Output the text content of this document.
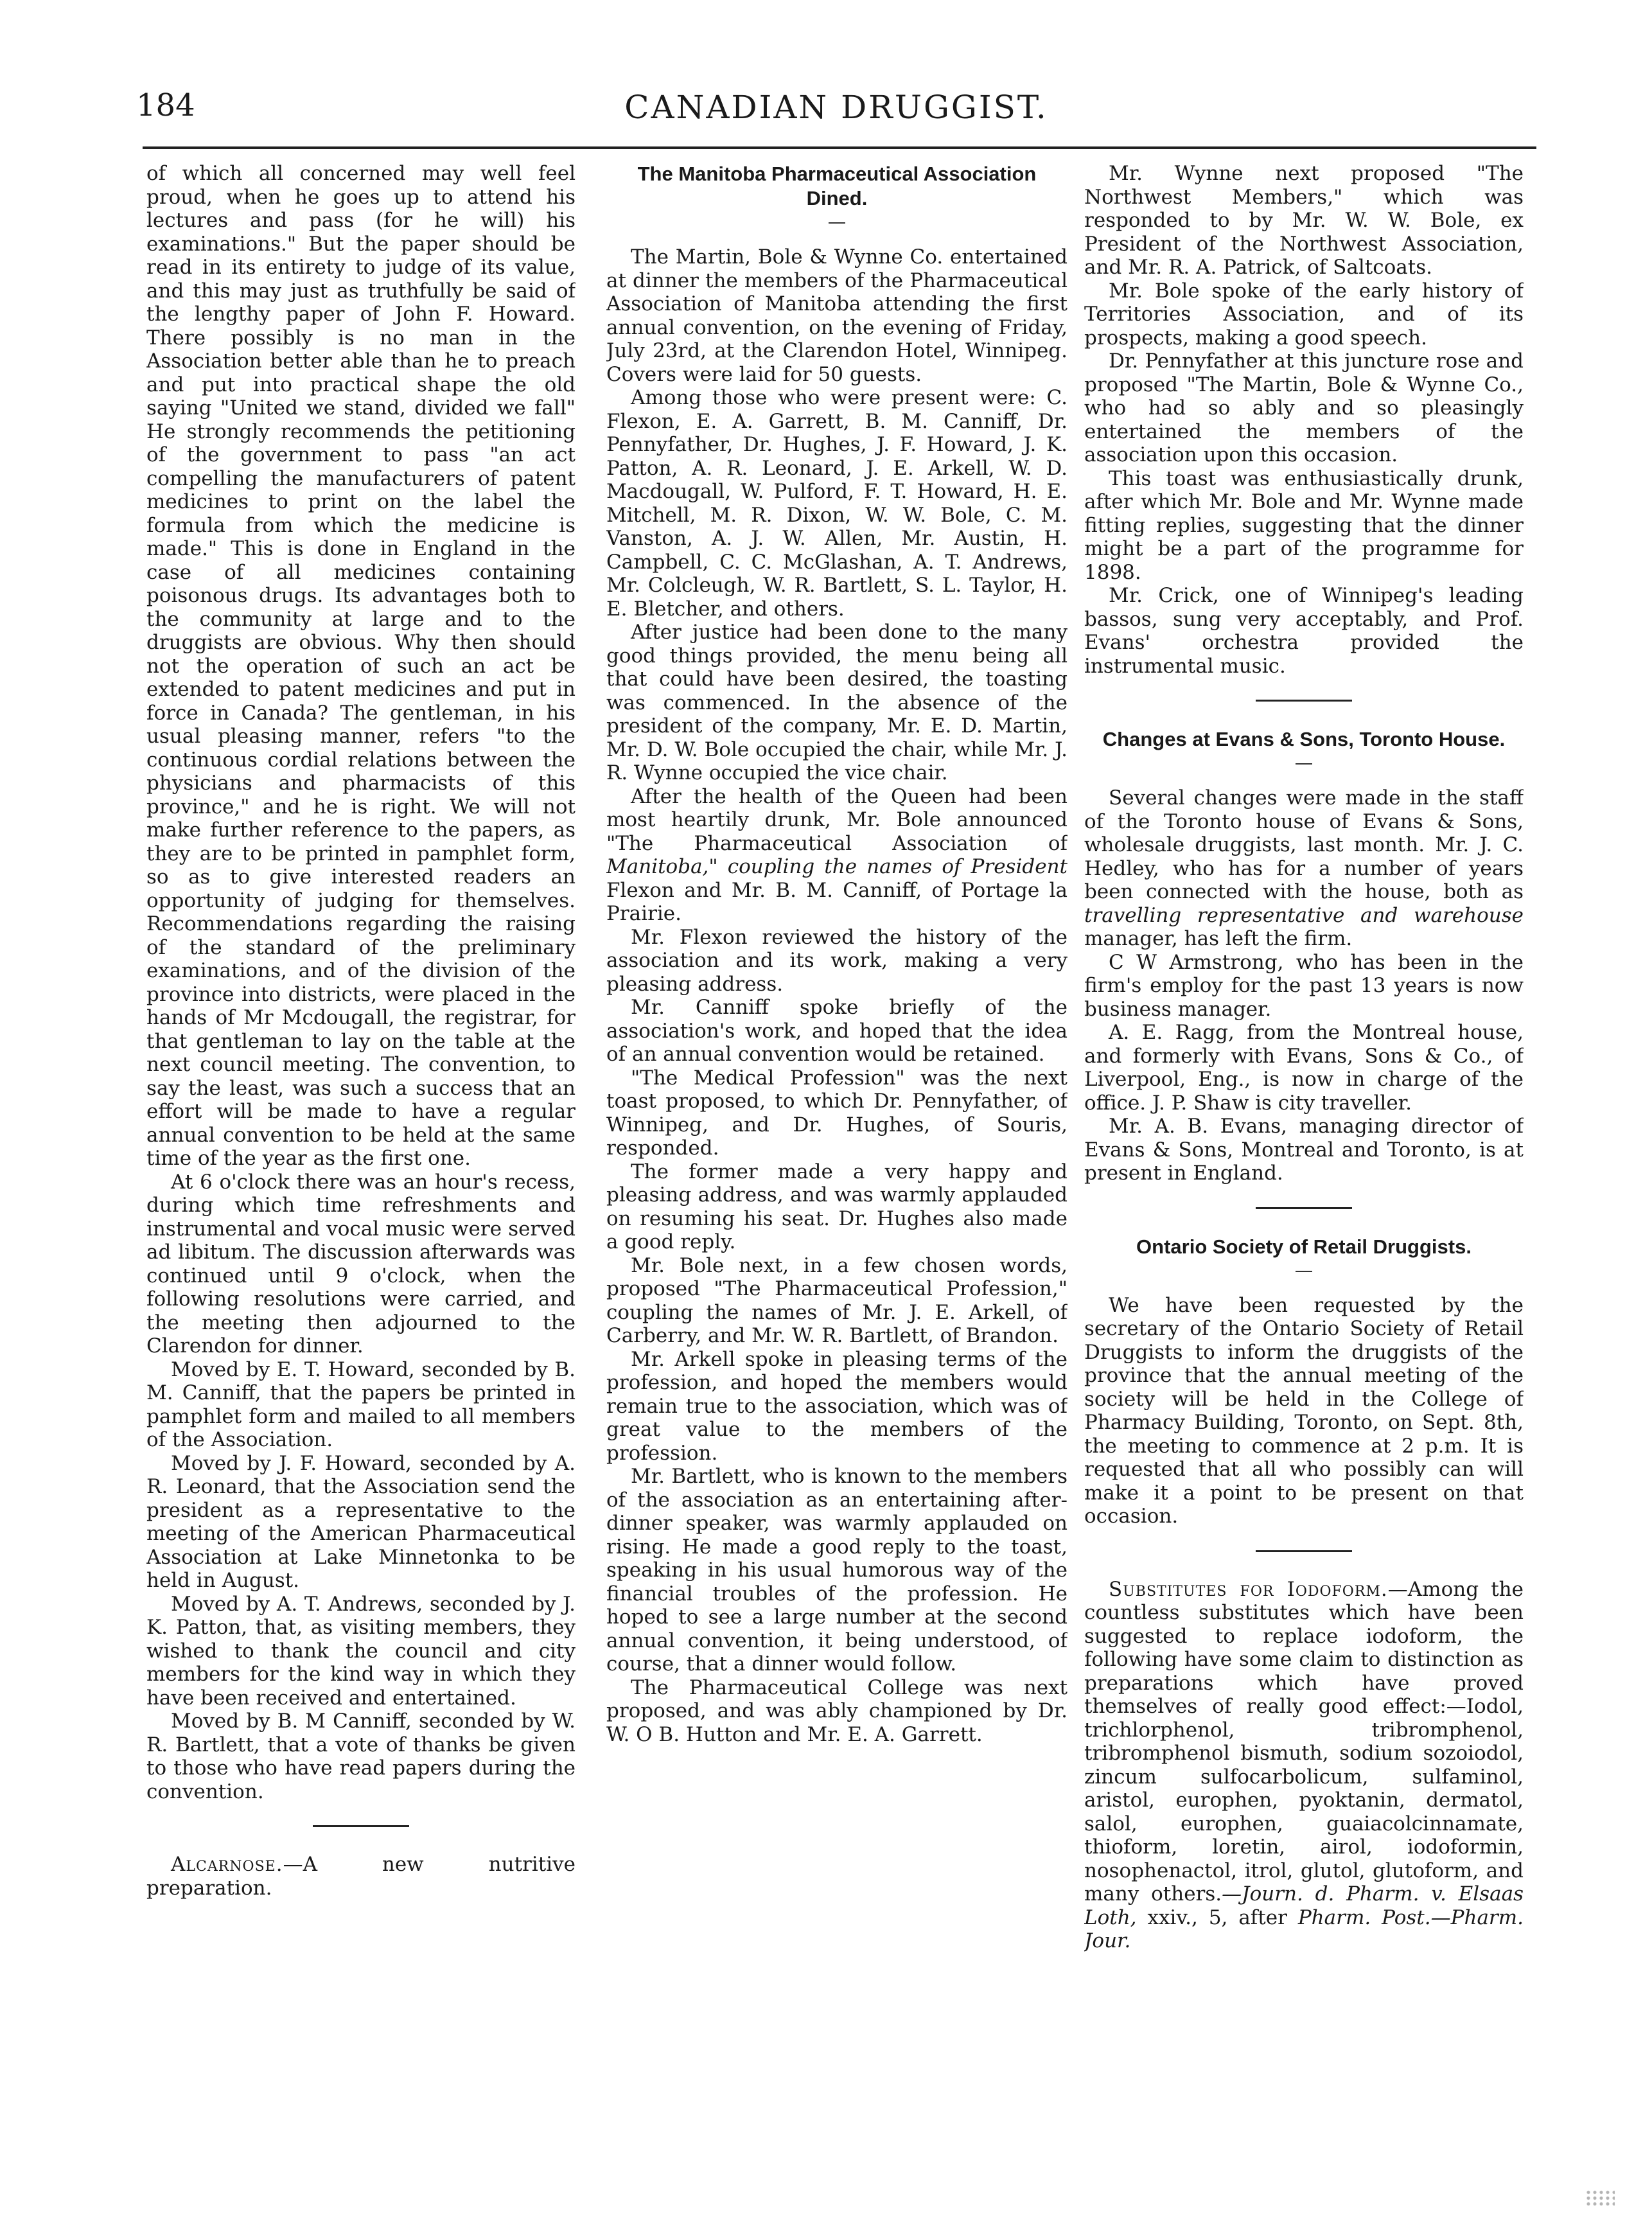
184	CANADIAN DRUGGIST.

of which all concerned may well feel proud, when he goes up to attend his lectures and pass (for he will) his examinations." But the paper should be read in its entirety to judge of its value, and this may just as truthfully be said of the lengthy paper of John F. Howard. There possibly is no man in the Association better able than he to preach and put into practical shape the old saying "United we stand, divided we fall" He strongly recommends the petitioning of the government to pass "an act compelling the manufacturers of patent medicines to print on the label the formula from which the medicine is made." This is done in England in the case of all medicines containing poisonous drugs. Its advantages both to the community at large and to the druggists are obvious. Why then should not the operation of such an act be extended to patent medicines and put in force in Canada? The gentleman, in his usual pleasing manner, refers "to the continuous cordial relations between the physicians and pharmacists of this province," and he is right. We will not make further reference to the papers, as they are to be printed in pamphlet form, so as to give interested readers an opportunity of judging for themselves. Recommendations regarding the raising of the standard of the preliminary examinations, and of the division of the province into districts, were placed in the hands of Mr Mcdougall, the registrar, for that gentleman to lay on the table at the next council meeting. The convention, to say the least, was such a success that an effort will be made to have a regular annual convention to be held at the same time of the year as the first one.

At 6 o'clock there was an hour's recess, during which time refreshments and instrumental and vocal music were served ad libitum. The discussion afterwards was continued until 9 o'clock, when the following resolutions were carried, and the meeting then adjourned to the Clarendon for dinner.

Moved by E. T. Howard, seconded by B. M. Canniff, that the papers be printed in pamphlet form and mailed to all members of the Association.

Moved by J. F. Howard, seconded by A. R. Leonard, that the Association send the president as a representative to the meeting of the American Pharmaceutical Association at Lake Minnetonka to be held in August.

Moved by A. T. Andrews, seconded by J. K. Patton, that, as visiting members, they wished to thank the council and city members for the kind way in which they have been received and entertained.

Moved by B. M Canniff, seconded by W. R. Bartlett, that a vote of thanks be given to those who have read papers during the convention.

Alcarnose.—A new nutritive preparation.

The Manitoba Pharmaceutical Association Dined.

The Martin, Bole & Wynne Co. entertained at dinner the members of the Pharmaceutical Association of Manitoba attending the first annual convention, on the evening of Friday, July 23rd, at the Clarendon Hotel, Winnipeg. Covers were laid for 50 guests.

Among those who were present were: C. Flexon, E. A. Garrett, B. M. Canniff, Dr. Pennyfather, Dr. Hughes, J. F. Howard, J. K. Patton, A. R. Leonard, J. E. Arkell, W. D. Macdougall, W. Pulford, F. T. Howard, H. E. Mitchell, M. R. Dixon, W. W. Bole, C. M. Vanston, A. J. W. Allen, Mr. Austin, H. Campbell, C. C. McGlashan, A. T. Andrews, Mr. Colcleugh, W. R. Bartlett, S. L. Taylor, H. E. Bletcher, and others.

After justice had been done to the many good things provided, the menu being all that could have been desired, the toasting was commenced. In the absence of the president of the company, Mr. E. D. Martin, Mr. D. W. Bole occupied the chair, while Mr. J. R. Wynne occupied the vice chair.

After the health of the Queen had been most heartily drunk, Mr. Bole announced "The Pharmaceutical Association of Manitoba," coupling the names of President Flexon and Mr. B. M. Canniff, of Portage la Prairie.

Mr. Flexon reviewed the history of the association and its work, making a very pleasing address.

Mr. Canniff spoke briefly of the association's work, and hoped that the idea of an annual convention would be retained.

"The Medical Profession" was the next toast proposed, to which Dr. Pennyfather, of Winnipeg, and Dr. Hughes, of Souris, responded.

The former made a very happy and pleasing address, and was warmly applauded on resuming his seat. Dr. Hughes also made a good reply.

Mr. Bole next, in a few chosen words, proposed "The Pharmaceutical Profession," coupling the names of Mr. J. E. Arkell, of Carberry, and Mr. W. R. Bartlett, of Brandon.

Mr. Arkell spoke in pleasing terms of the profession, and hoped the members would remain true to the association, which was of great value to the members of the profession.

Mr. Bartlett, who is known to the members of the association as an entertaining after-dinner speaker, was warmly applauded on rising. He made a good reply to the toast, speaking in his usual humorous way of the financial troubles of the profession. He hoped to see a large number at the second annual convention, it being understood, of course, that a dinner would follow.

The Pharmaceutical College was next proposed, and was ably championed by Dr. W. O B. Hutton and Mr. E. A. Garrett.

Mr. Wynne next proposed "The Northwest Members," which was responded to by Mr. W. W. Bole, ex President of the Northwest Association, and Mr. R. A. Patrick, of Saltcoats.

Mr. Bole spoke of the early history of Territories Association, and of its prospects, making a good speech.

Dr. Pennyfather at this juncture rose and proposed "The Martin, Bole & Wynne Co., who had so ably and so pleasingly entertained the members of the association upon this occasion.

This toast was enthusiastically drunk, after which Mr. Bole and Mr. Wynne made fitting replies, suggesting that the dinner might be a part of the programme for 1898.

Mr. Crick, one of Winnipeg's leading bassos, sung very acceptably, and Prof. Evans' orchestra provided the instrumental music.

Changes at Evans & Sons, Toronto House.

Several changes were made in the staff of the Toronto house of Evans & Sons, wholesale druggists, last month. Mr. J. C. Hedley, who has for a number of years been connected with the house, both as travelling representative and warehouse manager, has left the firm.

C W Armstrong, who has been in the firm's employ for the past 13 years is now business manager.

A. E. Ragg, from the Montreal house, and formerly with Evans, Sons & Co., of Liverpool, Eng., is now in charge of the office. J. P. Shaw is city traveller.

Mr. A. B. Evans, managing director of Evans & Sons, Montreal and Toronto, is at present in England.

Ontario Society of Retail Druggists.

We have been requested by the secretary of the Ontario Society of Retail Druggists to inform the druggists of the province that the annual meeting of the society will be held in the College of Pharmacy Building, Toronto, on Sept. 8th, the meeting to commence at 2 p.m. It is requested that all who possibly can will make it a point to be present on that occasion.

Substitutes for Iodoform.—Among the countless substitutes which have been suggested to replace iodoform, the following have some claim to distinction as preparations which have proved themselves of really good effect:—Iodol, trichlorphenol, tribromphenol, tribromphenol bismuth, sodium sozoiodol, zincum sulfocarbolicum, sulfaminol, aristol, europhen, pyoktanin, dermatol, salol, europhen, guaiacolcinnamate, thioform, loretin, airol, iodoformin, nosophenactol, itrol, glutol, glutoform, and many others.—Journ. d. Pharm. v. Elsaas Loth, xxiv., 5, after Pharm. Post.—Pharm. Jour.
